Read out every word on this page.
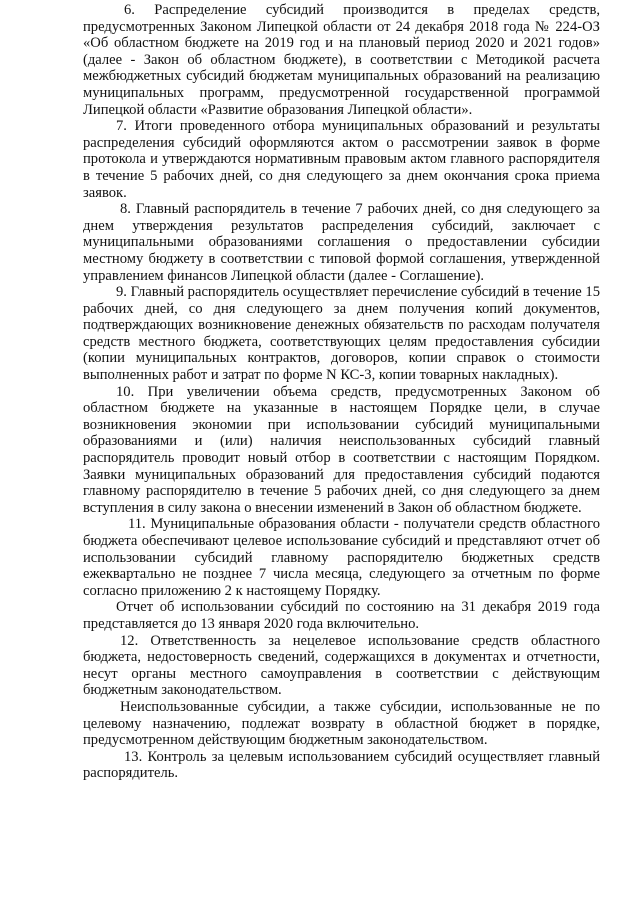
6. Распределение субсидий производится в пределах средств, предусмотренных Законом Липецкой области от 24 декабря 2018 года № 224-ОЗ «Об областном бюджете на 2019 год и на плановый период 2020 и 2021 годов» (далее - Закон об областном бюджете), в соответствии с Методикой расчета межбюджетных субсидий бюджетам муниципальных образований на реализацию муниципальных программ, предусмотренной государственной программой Липецкой области «Развитие образования Липецкой области».

7. Итоги проведенного отбора муниципальных образований и результаты распределения субсидий оформляются актом о рассмотрении заявок в форме протокола и утверждаются нормативным правовым актом главного распорядителя в течение 5 рабочих дней, со дня следующего за днем окончания срока приема заявок.

8. Главный распорядитель в течение 7 рабочих дней, со дня следующего за днем утверждения результатов распределения субсидий, заключает с муниципальными образованиями соглашения о предоставлении субсидии местному бюджету в соответствии с типовой формой соглашения, утвержденной управлением финансов Липецкой области (далее - Соглашение).

9. Главный распорядитель осуществляет перечисление субсидий в течение 15 рабочих дней, со дня следующего за днем получения копий документов, подтверждающих возникновение денежных обязательств по расходам получателя средств местного бюджета, соответствующих целям предоставления субсидии (копии муниципальных контрактов, договоров, копии справок о стоимости выполненных работ и затрат по форме N КС-3, копии товарных накладных).

10. При увеличении объема средств, предусмотренных Законом об областном бюджете на указанные в настоящем Порядке цели, в случае возникновения экономии при использовании субсидий муниципальными образованиями и (или) наличия неиспользованных субсидий главный распорядитель проводит новый отбор в соответствии с настоящим Порядком. Заявки муниципальных образований для предоставления субсидий подаются главному распорядителю в течение 5 рабочих дней, со дня следующего за днем вступления в силу закона о внесении изменений в Закон об областном бюджете.

11. Муниципальные образования области - получатели средств областного бюджета обеспечивают целевое использование субсидий и представляют отчет об использовании субсидий главному распорядителю бюджетных средств ежеквартально не позднее 7 числа месяца, следующего за отчетным по форме согласно приложению 2 к настоящему Порядку.

Отчет об использовании субсидий по состоянию на 31 декабря 2019 года представляется до 13 января 2020 года включительно.

12. Ответственность за нецелевое использование средств областного бюджета, недостоверность сведений, содержащихся в документах и отчетности, несут органы местного самоуправления в соответствии с действующим бюджетным законодательством.

Неиспользованные субсидии, а также субсидии, использованные не по целевому назначению, подлежат возврату в областной бюджет в порядке, предусмотренном действующим бюджетным законодательством.

13. Контроль за целевым использованием субсидий осуществляет главный распорядитель.
